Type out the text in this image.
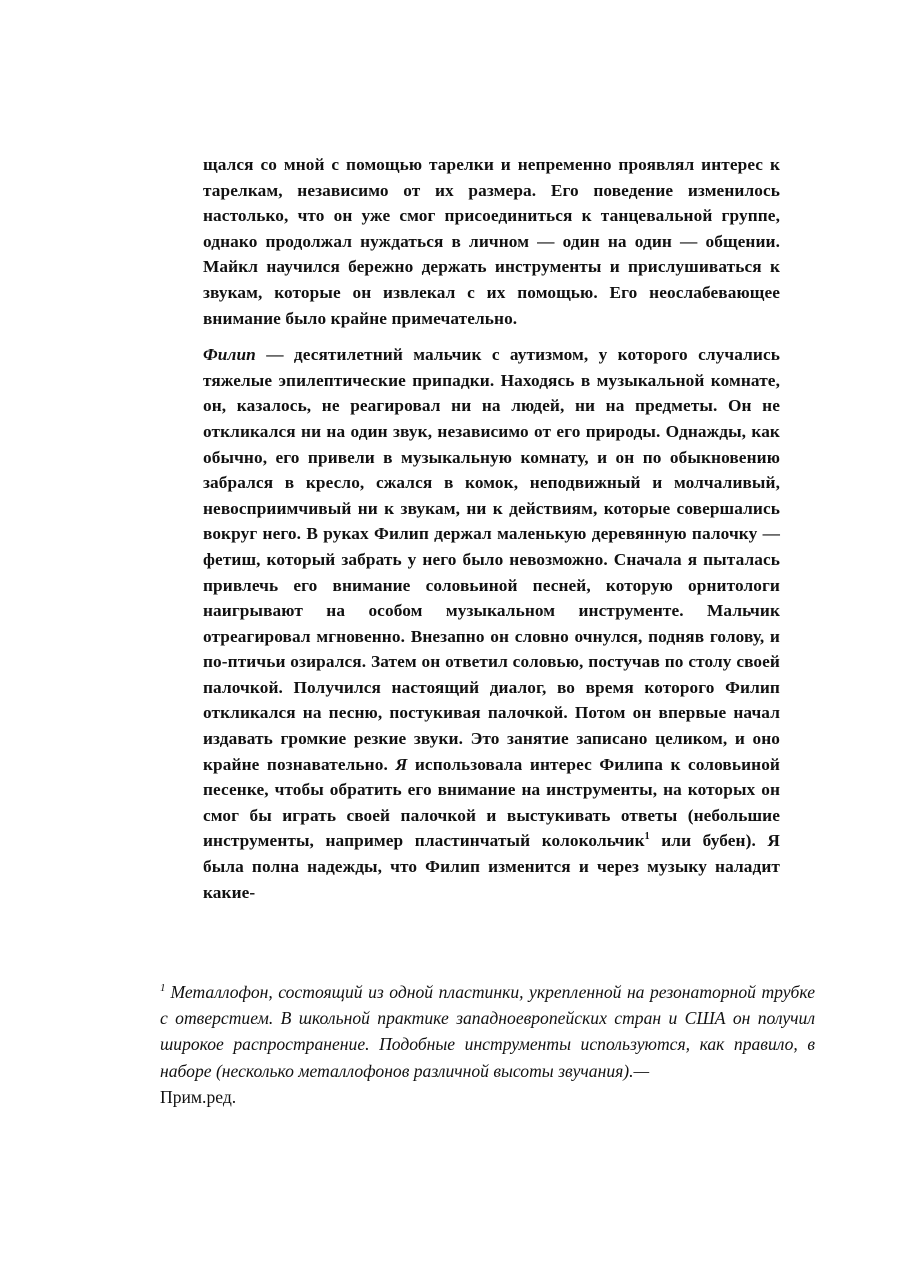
щался со мной с помощью тарелки и непременно проявлял интерес к тарелкам, независимо от их размера. Его поведение изменилось настолько, что он уже смог присоединиться к танцевальной группе, однако продолжал нуждаться в личном — один на один — общении. Майкл научился бережно держать инструменты и прислушиваться к звукам, которые он извлекал с их помощью. Его неослабевающее внимание было крайне примечательно.

Филип — десятилетний мальчик с аутизмом, у которого случались тяжелые эпилептические припадки. Находясь в музыкальной комнате, он, казалось, не реагировал ни на людей, ни на предметы. Он не откликался ни на один звук, независимо от его природы. Однажды, как обычно, его привели в музыкальную комнату, и он по обыкновению забрался в кресло, сжался в комок, неподвижный и молчаливый, невосприимчивый ни к звукам, ни к действиям, которые совершались вокруг него. В руках Филип держал маленькую деревянную палочку — фетиш, который забрать у него было невозможно. Сначала я пыталась привлечь его внимание соловьиной песней, которую орнитологи наигрывают на особом музыкальном инструменте. Мальчик отреагировал мгновенно. Внезапно он словно очнулся, подняв голову, и по-птичьи озирался. Затем он ответил соловью, постучав по столу своей палочкой. Получился настоящий диалог, во время которого Филип откликался на песню, постукивая палочкой. Потом он впервые начал издавать громкие резкие звуки. Это занятие записано целиком, и оно крайне познавательно. Я использовала интерес Филипа к соловьиной песенке, чтобы обратить его внимание на инструменты, на которых он смог бы играть своей палочкой и выстукивать ответы (небольшие инструменты, например пластинчатый колокольчик$^1$ или бубен). Я была полна надежды, что Филип изменится и через музыку наладит какие-

$^1$ Металлофон, состоящий из одной пластинки, укрепленной на резонаторной трубке с отверстием. В школьной практике западноевропейских стран и США он получил широкое распространение. Подобные инструменты используются, как правило, в наборе (несколько металлофонов различной высоты звучания).—
Прим.ред.
